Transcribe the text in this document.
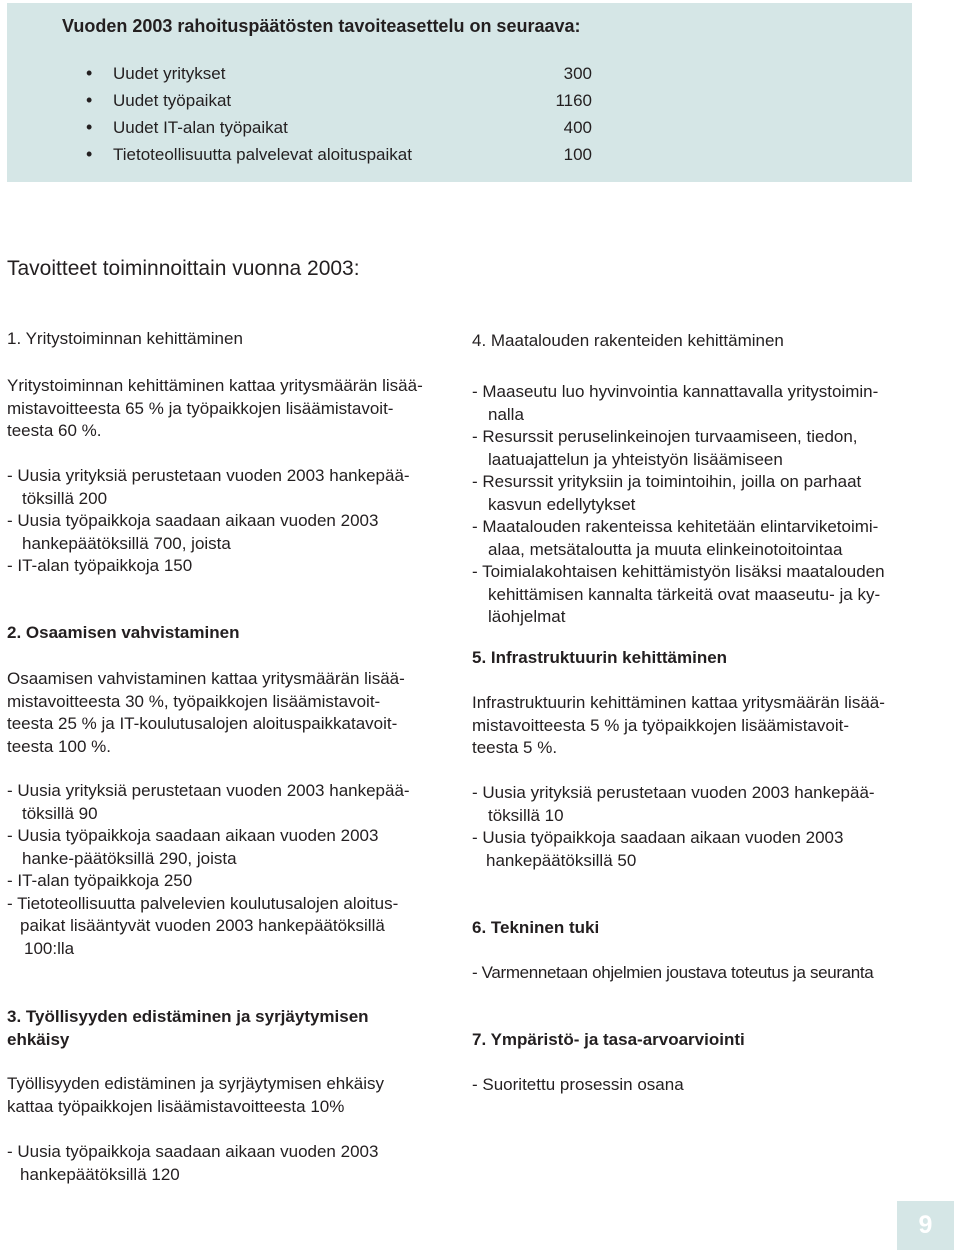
Vuoden 2003 rahoituspäätösten tavoiteasettelu on seuraava:
• Uudet yritykset	300
• Uudet työpaikat	1160
• Uudet IT-alan työpaikat	400
• Tietoteollisuutta palvelevat aloituspaikat	100
Tavoitteet toiminnoittain vuonna 2003:
1. Yritystoiminnan kehittäminen
Yritystoiminnan kehittäminen kattaa yritysmäärän lisää-
mistavoitteesta 65 % ja työpaikkojen lisäämistavoit-
teesta 60 %.
- Uusia yrityksiä perustetaan vuoden 2003 hankepää-
töksillä 200
- Uusia työpaikkoja saadaan aikaan vuoden 2003
hankepäätöksillä 700, joista
- IT-alan työpaikkoja 150
2. Osaamisen vahvistaminen
Osaamisen vahvistaminen kattaa yritysmäärän lisää-
mistavoitteesta 30 %, työpaikkojen lisäämistavoit-
teesta 25 % ja IT-koulutusalojen aloituspaikkatavoit-
teesta 100 %.
- Uusia yrityksiä perustetaan vuoden 2003 hankepää-
töksillä 90
- Uusia työpaikkoja saadaan aikaan vuoden 2003
hanke-päätöksillä 290, joista
- IT-alan työpaikkoja 250
- Tietoteollisuutta palvelevien koulutusalojen aloitus-
paikat lisääntyvät vuoden 2003 hankepäätöksillä
100:lla
3. Työllisyyden edistäminen ja syrjäytymisen
ehkäisy
Työllisyyden edistäminen ja syrjäytymisen ehkäisy
kattaa työpaikkojen lisäämistavoitteesta 10%
- Uusia työpaikkoja saadaan aikaan vuoden 2003
hankepäätöksillä 120
4. Maatalouden rakenteiden kehittäminen
- Maaseutu luo hyvinvointia kannattavalla yritystoimin-
nalla
- Resurssit peruselinkeinojen turvaamiseen, tiedon,
laatuajattelun ja yhteistyön lisäämiseen
- Resurssit yrityksiin ja toimintoihin, joilla on parhaat
kasvun edellytykset
- Maatalouden rakenteissa kehitetään elintarviketoimi-
alaa, metsätaloutta ja muuta elinkeinotoitointaa
- Toimialakohtaisen kehittämistyön lisäksi maatalouden
kehittämisen kannalta tärkeitä ovat maaseutu- ja ky-
läohjelmat
5. Infrastruktuurin kehittäminen
Infrastruktuurin kehittäminen kattaa yritysmäärän lisää-
mistavoitteesta 5 % ja työpaikkojen lisäämistavoit-
teesta 5 %.
- Uusia yrityksiä perustetaan vuoden 2003 hankepää-
töksillä 10
- Uusia työpaikkoja saadaan aikaan vuoden 2003
hankepäätöksillä 50
6. Tekninen tuki
- Varmennetaan ohjelmien joustava toteutus ja seuranta
7. Ympäristö- ja tasa-arvoarviointi
- Suoritettu prosessin osana
9
